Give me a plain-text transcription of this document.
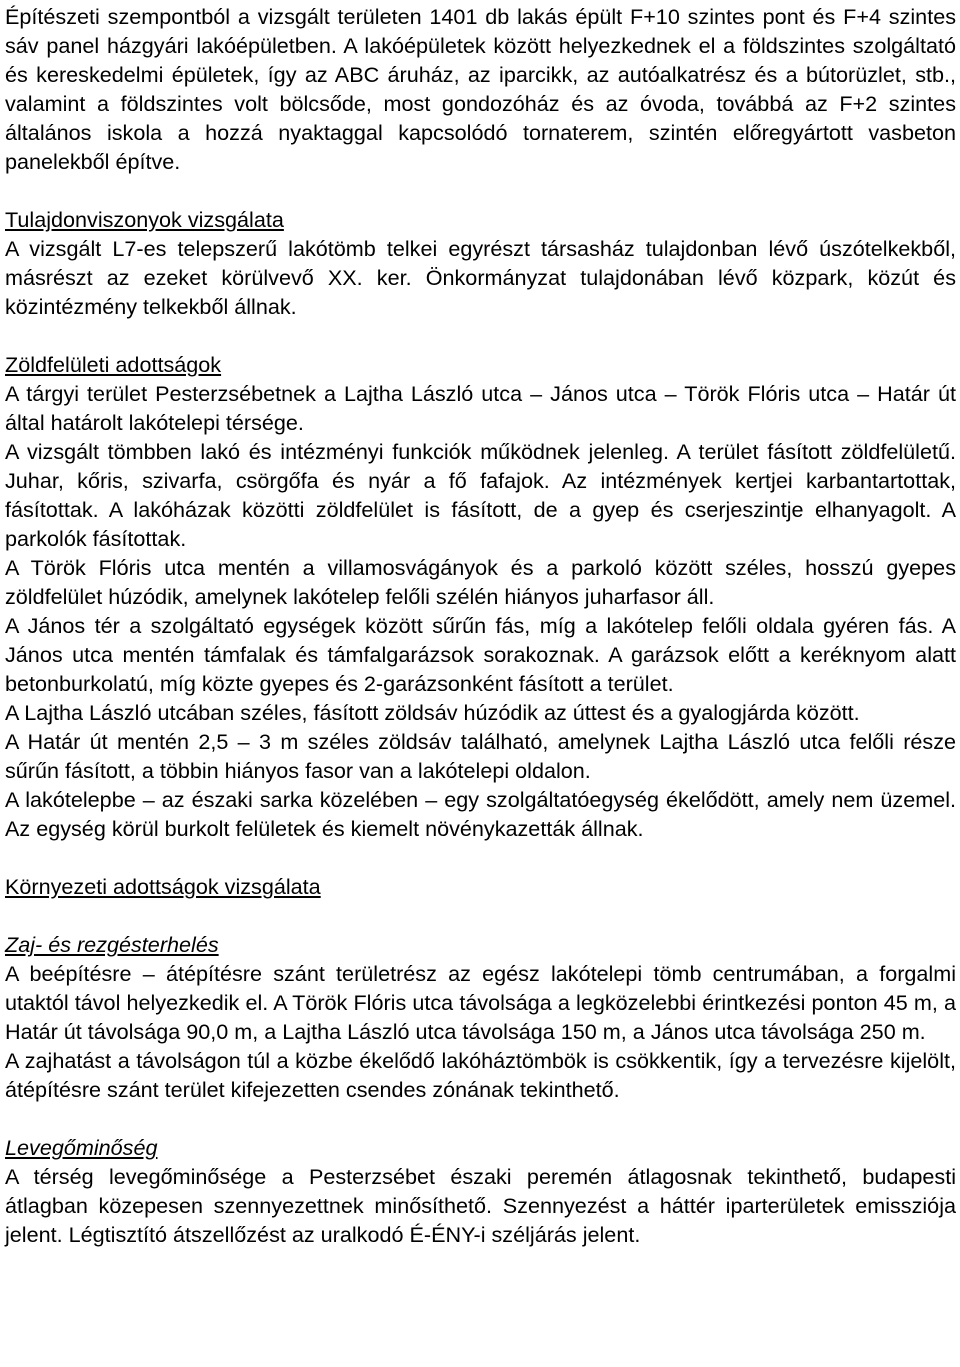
Építészeti szempontból a vizsgált területen 1401 db lakás épült F+10 szintes pont és F+4 szintes sáv panel házgyári lakóépületben. A lakóépületek között helyezkednek el a földszintes szolgáltató és kereskedelmi épületek, így az ABC áruház, az iparcikk, az autóalkatrész és a bútorüzlet, stb., valamint a földszintes volt bölcsőde, most gondozóház és az óvoda, továbbá az F+2 szintes általános iskola a hozzá nyaktaggal kapcsolódó tornaterem, szintén előregyártott vasbeton panelekből építve.

Tulajdonviszonyok vizsgálata

A vizsgált L7-es telepszerű lakótömb telkei egyrészt társasház tulajdonban lévő úszótelkekből, másrészt az ezeket körülvevő XX. ker. Önkormányzat tulajdonában lévő közpark, közút és közintézmény telkekből állnak.

Zöldfelületi adottságok

A tárgyi terület Pesterzsébetnek a Lajtha László utca – János utca – Török Flóris utca – Határ út által határolt lakótelepi térsége.

A vizsgált tömbben lakó és intézményi funkciók működnek jelenleg. A terület fásított zöldfelületű. Juhar, kőris, szivarfa, csörgőfa és nyár a fő fafajok. Az intézmények kertjei karbantartottak, fásítottak. A lakóházak közötti zöldfelület is fásított, de a gyep és cserjeszintje elhanyagolt. A parkolók fásítottak.

A Török Flóris utca mentén a villamosvágányok és a parkoló között széles, hosszú gyepes zöldfelület húzódik, amelynek lakótelep felőli szélén hiányos juharfasor áll.

A János tér a szolgáltató egységek között sűrűn fás, míg a lakótelep felőli oldala gyéren fás. A János utca mentén támfalak és támfalgarázsok sorakoznak. A garázsok előtt a keréknyom alatt betonburkolatú, míg közte gyepes és 2-garázsonként fásított a terület.

A Lajtha László utcában széles, fásított zöldsáv húzódik az úttest és a gyalogjárda között.

A Határ út mentén 2,5 – 3 m széles zöldsáv található, amelynek Lajtha László utca felőli része sűrűn fásított, a többin hiányos fasor van a lakótelepi oldalon.

A lakótelepbe – az északi sarka közelében – egy szolgáltatóegység ékelődött, amely nem üzemel. Az egység körül burkolt felületek és kiemelt növénykazetták állnak.

Környezeti adottságok vizsgálata

Zaj- és rezgésterhelés

A beépítésre – átépítésre szánt területrész az egész lakótelepi tömb centrumában, a forgalmi utaktól távol helyezkedik el. A Török Flóris utca távolsága a legközelebbi érintkezési ponton 45 m, a Határ út távolsága 90,0 m, a Lajtha László utca távolsága 150 m, a János utca távolsága 250 m.

A zajhatást a távolságon túl a közbe ékelődő lakóháztömbök is csökkentik, így a tervezésre kijelölt, átépítésre szánt terület kifejezetten csendes zónának tekinthető.

Levegőminőség

A térség levegőminősége a Pesterzsébet északi peremén átlagosnak tekinthető, budapesti átlagban közepesen szennyezettnek minősíthető. Szennyezést a háttér iparterületek emissziója jelent. Légtisztító átszellőzést az uralkodó É-ÉNY-i széljárás jelent.
